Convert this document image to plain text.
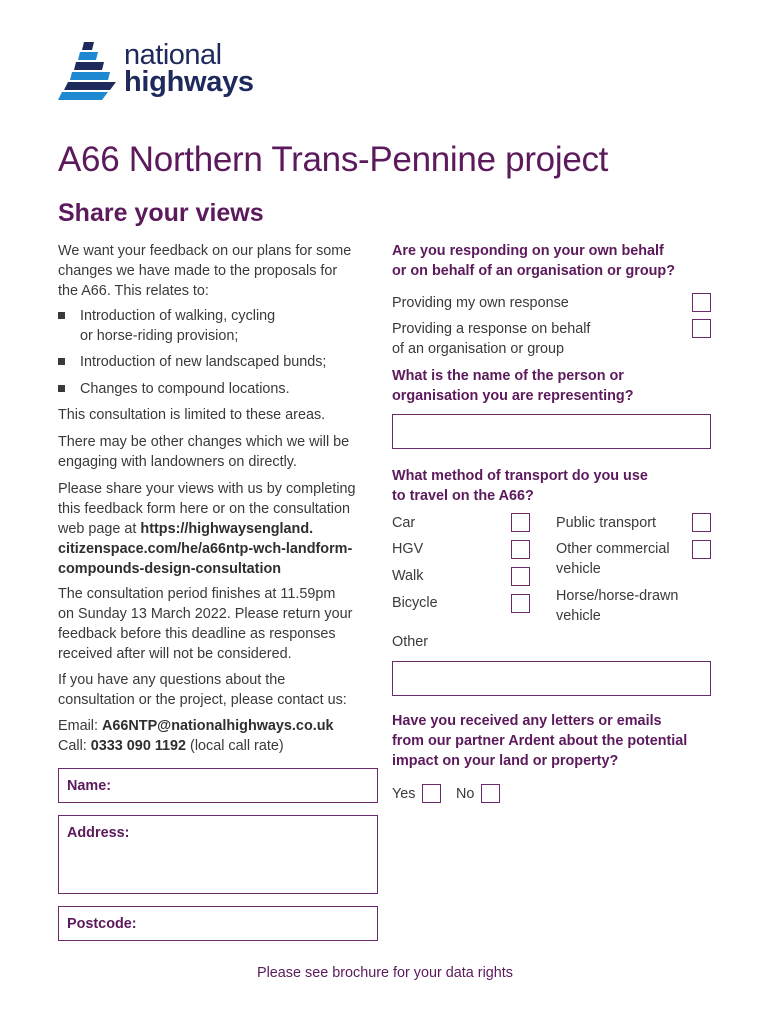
national
highways
A66 Northern Trans-Pennine project
Share your views
We want your feedback on our plans for some
changes we have made to the proposals for
the A66. This relates to:
Introduction of walking, cycling
or horse-riding provision;
Introduction of new landscaped bunds;
Changes to compound locations.
This consultation is limited to these areas.
There may be other changes which we will be
engaging with landowners on directly.
Please share your views with us by completing
this feedback form here or on the consultation
web page at https://highwaysengland.
citizenspace.com/he/a66ntp-wch-landform-
compounds-design-consultation
The consultation period finishes at 11.59pm
on Sunday 13 March 2022. Please return your
feedback before this deadline as responses
received after will not be considered.
If you have any questions about the
consultation or the project, please contact us:
Email: A66NTP@nationalhighways.co.uk
Call: 0333 090 1192 (local call rate)
Name:
Address:
Postcode:
Are you responding on your own behalf
or on behalf of an organisation or group?
Providing my own response
Providing a response on behalf
of an organisation or group
What is the name of the person or
organisation you are representing?
What method of transport do you use
to travel on the A66?
Car
HGV
Walk
Bicycle
Public transport
Other commercial
vehicle
Horse/horse-drawn
vehicle
Other
Have you received any letters or emails
from our partner Ardent about the potential
impact on your land or property?
Yes	No
Please see brochure for your data rights
